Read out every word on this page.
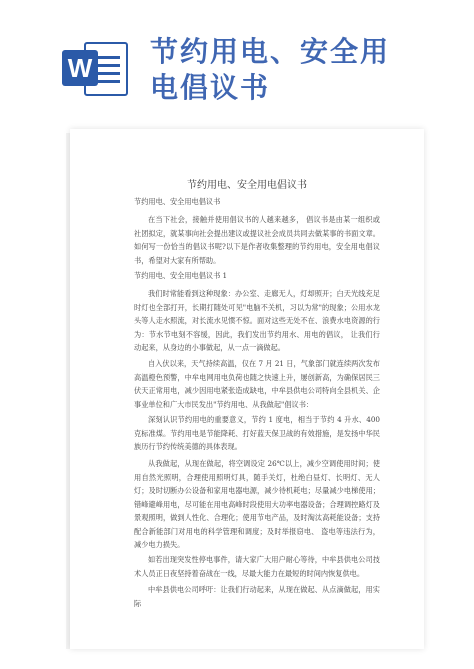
W 节约用电、安全用
电倡议书
节约用电、安全用电倡议书
节约用电、安全用电倡议书
在当下社会，接触并使用倡议书的人越来越多， 倡议书是由某一组织或社团拟定，就某事向社会提出建议或提议社会成员共同去做某事的书面文章。如何写一份恰当的倡议书呢?以下是作者收集整理的节约用电，安全用电倡议书，希望对大家有所帮助。
节约用电、安全用电倡议书 1
我们时常能看到这种现象：办公室、走廊无人，灯却照开；白天光线充足时灯也全部打开，长期打随处可见"电脑不关机，习以为常"的现象；公用水龙头等人走水照流，对长流水见惯不惊。面对这些无处不在、浪费水电资源的行为：节水节电刻不容缓，因此，我们发出节约用水、用电的倡议， 让我们行动起来，从身边的小事做起，从一点一滴做起。
自入伏以来，天气持续高温，仅在 7 月 21 日，气象部门就连续两次发布高温橙色预警，中牟电网用电负荷也随之快速上升，屡创新高，为确保居民三伏天正常用电，减少因用电紧张造成缺电，中牟县供电公司特向全县机关、企事业单位和广大市民发出"节约用电、从我做起"倡议书：
深刻认识节约用电的重要意义，节约 1 度电，相当于节约 4 升水、400 克标准煤。节约用电是节能降耗、打好蓝天保卫战的有效措施，是发扬中华民族历行节约传统美德的具体表现。
从我做起，从现在做起，将空调设定 26℃以上，减少空调使用时间；使用自然光照明，合理使用照明灯具，随手关灯，杜绝白昼灯、长明灯、无人灯；及时切断办公设备和家用电器电源，减少待机耗电；尽量减少电梯使用；错峰避峰用电，尽可能在用电高峰时段使用大功率电器设备；合理调控路灯及景观照明，做到人性化、合理化；使用节电产品，及时淘汰高耗能设备；支持配合新能部门对用电的科学管理和调度；及时举报窃电、 盗电等违法行为，减少电力损失。
如若出现突发性停电事件，请大家广大用户耐心等待，中牟县供电公司技术人员正日夜坚持着奋战在一线，尽最大能力在最短的时间内恢复供电。
中牟县供电公司呼吁：让我们行动起来，从现在做起、从点滴做起，用实际
